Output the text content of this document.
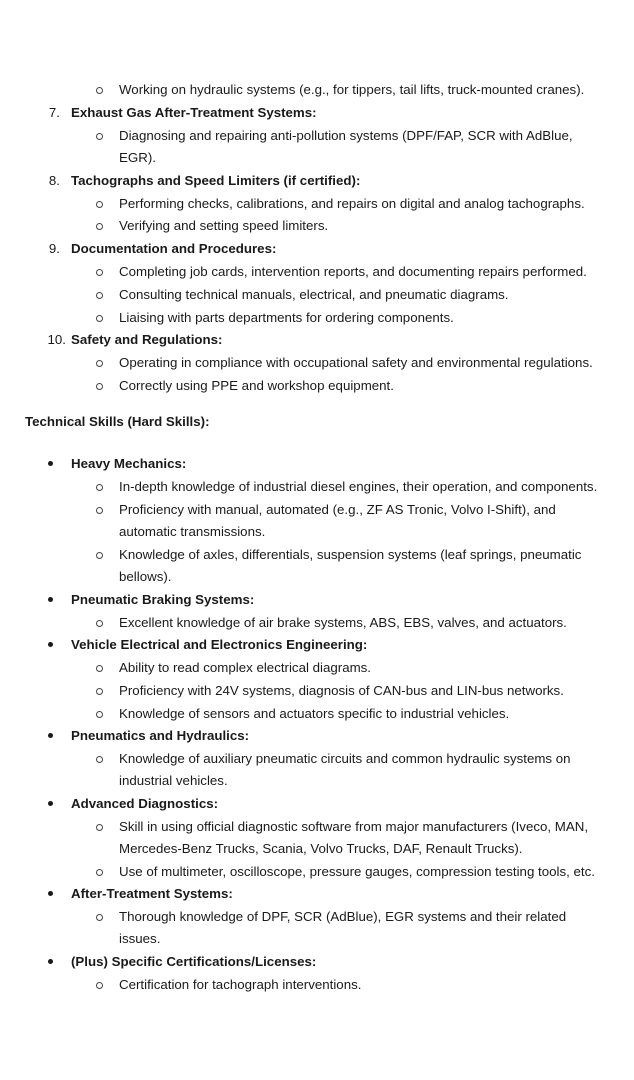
Working on hydraulic systems (e.g., for tippers, tail lifts, truck-mounted cranes).
7. Exhaust Gas After-Treatment Systems:
Diagnosing and repairing anti-pollution systems (DPF/FAP, SCR with AdBlue,
EGR).
8. Tachographs and Speed Limiters (if certified):
Performing checks, calibrations, and repairs on digital and analog tachographs.
Verifying and setting speed limiters.
9. Documentation and Procedures:
Completing job cards, intervention reports, and documenting repairs performed.
Consulting technical manuals, electrical, and pneumatic diagrams.
Liaising with parts departments for ordering components.
10. Safety and Regulations:
Operating in compliance with occupational safety and environmental regulations.
Correctly using PPE and workshop equipment.
Technical Skills (Hard Skills):
Heavy Mechanics:
In-depth knowledge of industrial diesel engines, their operation, and components.
Proficiency with manual, automated (e.g., ZF AS Tronic, Volvo I-Shift), and
automatic transmissions.
Knowledge of axles, differentials, suspension systems (leaf springs, pneumatic
bellows).
Pneumatic Braking Systems:
Excellent knowledge of air brake systems, ABS, EBS, valves, and actuators.
Vehicle Electrical and Electronics Engineering:
Ability to read complex electrical diagrams.
Proficiency with 24V systems, diagnosis of CAN-bus and LIN-bus networks.
Knowledge of sensors and actuators specific to industrial vehicles.
Pneumatics and Hydraulics:
Knowledge of auxiliary pneumatic circuits and common hydraulic systems on
industrial vehicles.
Advanced Diagnostics:
Skill in using official diagnostic software from major manufacturers (Iveco, MAN,
Mercedes-Benz Trucks, Scania, Volvo Trucks, DAF, Renault Trucks).
Use of multimeter, oscilloscope, pressure gauges, compression testing tools, etc.
After-Treatment Systems:
Thorough knowledge of DPF, SCR (AdBlue), EGR systems and their related
issues.
(Plus) Specific Certifications/Licenses:
Certification for tachograph interventions.
